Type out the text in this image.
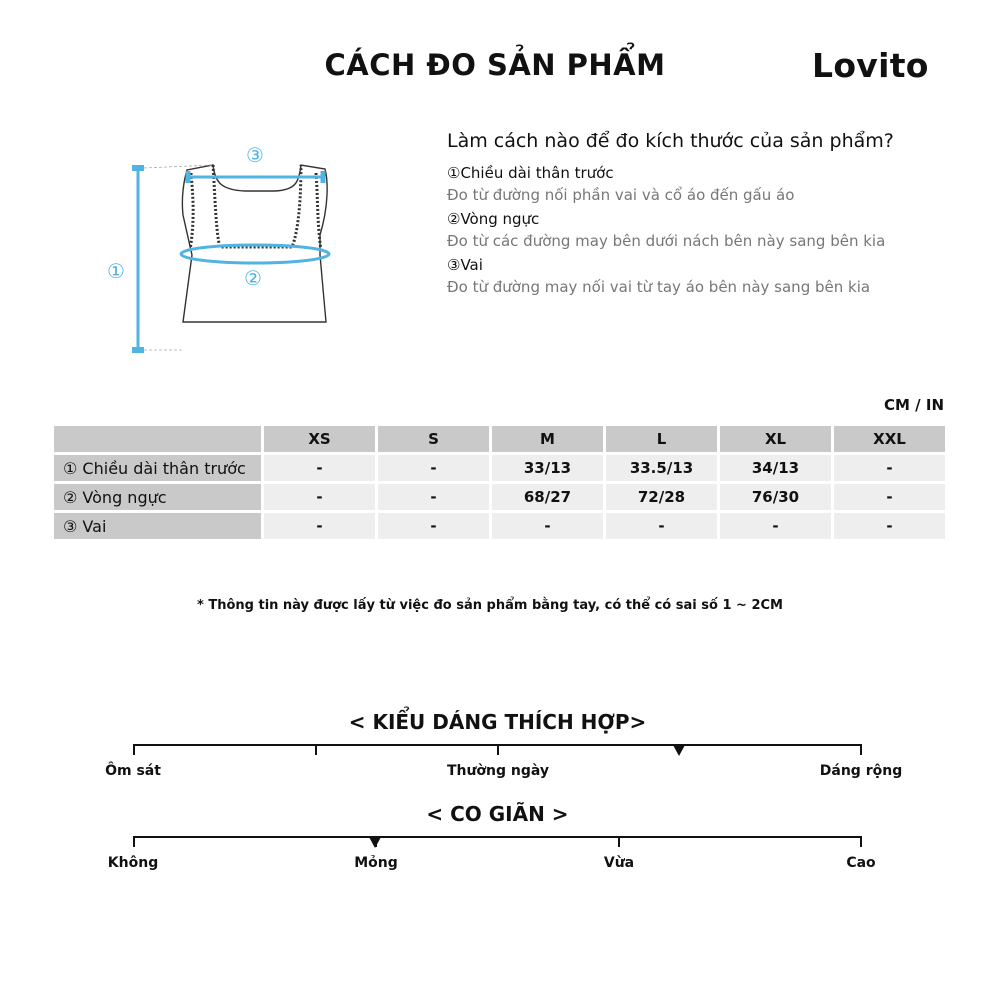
CÁCH ĐO SẢN PHẨM	Lovito
①	②
③
Làm cách nào để đo kích thước của sản phẩm?
①Chiều dài thân trước
Đo từ đường nối phần vai và cổ áo đến gấu áo
②Vòng ngực
Đo từ các đường may bên dưới nách bên này sang bên kia
③Vai
Đo từ đường may nối vai từ tay áo bên này sang bên kia
CM / IN
	XS	S	M	L	XL	XXL
① Chiều dài thân trước	-	-	33/13	33.5/13	34/13	-
② Vòng ngực	-	-	68/27	72/28	76/30	-
③ Vai	-	-	-	-	-	-
* Thông tin này được lấy từ việc đo sản phẩm bằng tay, có thể có sai số 1 ~ 2CM
< KIỂU DÁNG THÍCH HỢP>
Ôm sát	Thường ngày	Dáng rộng
< CO GIÃN >
Không	Mỏng	Vừa	Cao
